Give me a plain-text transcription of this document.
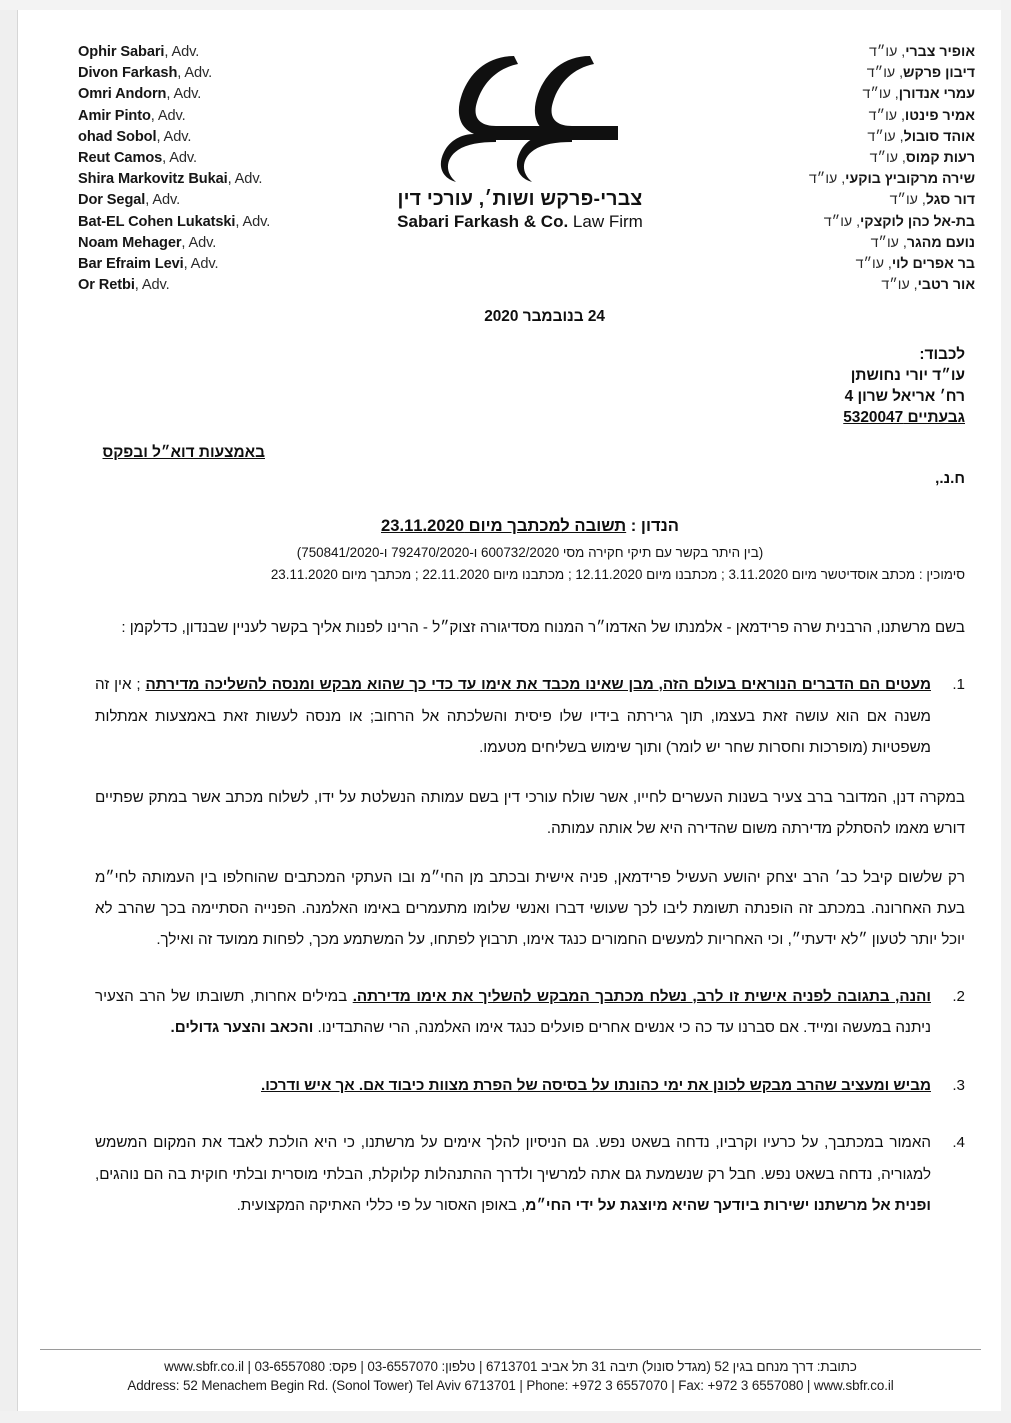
Ophir Sabari, Adv.
Divon Farkash, Adv.
Omri Andorn, Adv.
Amir Pinto, Adv.
ohad Sobol, Adv.
Reut Camos, Adv.
Shira Markovitz Bukai, Adv.
Dor Segal, Adv.
Bat-EL Cohen Lukatski, Adv.
Noam Mehager, Adv.
Bar Efraim Levi, Adv.
Or Retbi, Adv.
אופיר צברי, עו״ד
דיבון פרקש, עו״ד
עמרי אנדורן, עו״ד
אמיר פינטו, עו״ד
אוהד סובול, עו״ד
רעות קמוס, עו״ד
שירה מרקוביץ בוקעי, עו״ד
דור סגל, עו״ד
בת-אל כהן לוקצקי, עו״ד
נועם מהגר, עו״ד
בר אפרים לוי, עו״ד
אור רטבי, עו״ד
צברי-פרקש ושות׳, עורכי דין
Sabari Farkash & Co. Law Firm
24 בנובמבר 2020
לכבוד:
עו״ד יורי נחושתן
רח׳ אריאל שרון 4
גבעתיים 5320047
באמצעות דוא״ל ובפקס
ח.נ.,
הנדון : תשובה למכתבך מיום 23.11.2020
(בין היתר בקשר עם תיקי חקירה מסי 600732/2020 ו-792470/2020 ו-750841/2020)
סימוכין : מכתב אוסדיטשר מיום 3.11.2020 ; מכתבנו מיום 12.11.2020 ; מכתבנו מיום 22.11.2020 ; מכתבך מיום 23.11.2020
בשם מרשתנו, הרבנית שרה פרידמאן - אלמנתו של האדמו״ר המנוח מסדיגורה זצוק״ל - הרינו לפנות אליך בקשר לעניין שבנדון, כדלקמן :
מעטים הם הדברים הנוראים בעולם הזה, מבן שאינו מכבד את אימו עד כדי כך שהוא מבקש ומנסה להשליכה מדירתה ; אין זה משנה אם הוא עושה זאת בעצמו, תוך גרירתה בידיו שלו פיסית והשלכתה אל הרחוב; או מנסה לעשות זאת באמצעות אמתלות משפטיות (מופרכות וחסרות שחר יש לומר) ותוך שימוש בשליחים מטעמו.
במקרה דנן, המדובר ברב צעיר בשנות העשרים לחייו, אשר שולח עורכי דין בשם עמותה הנשלטת על ידו, לשלוח מכתב אשר במתק שפתיים דורש מאמו להסתלק מדירתה משום שהדירה היא של אותה עמותה.
רק שלשום קיבל כב׳ הרב יצחק יהושע העשיל פרידמאן, פניה אישית ובכתב מן החי״מ ובו העתקי המכתבים שהוחלפו בין העמותה לחי״מ בעת האחרונה. במכתב זה הופנתה תשומת ליבו לכך שעושי דברו ואנשי שלומו מתעמרים באימו האלמנה. הפנייה הסתיימה בכך שהרב לא יוכל יותר לטעון ״לא ידעתי״, וכי האחריות למעשים החמורים כנגד אימו, תרבוץ לפתחו, על המשתמע מכך, לפחות ממועד זה ואילך.
והנה, בתגובה לפניה אישית זו לרב, נשלח מכתבך המבקש להשליך את אימו מדירתה. במילים אחרות, תשובתו של הרב הצעיר ניתנה במעשה ומייד. אם סברנו עד כה כי אנשים אחרים פועלים כנגד אימו האלמנה, הרי שהתבדינו. והכאב והצער גדולים.
מביש ומעציב שהרב מבקש לכונן את ימי כהונתו על בסיסה של הפרת מצוות כיבוד אם. אך איש ודרכו.
האמור במכתבך, על כרעיו וקרביו, נדחה בשאט נפש. גם הניסיון להלך אימים על מרשתנו, כי היא הולכת לאבד את המקום המשמש למגוריה, נדחה בשאט נפש. חבל רק שנשמעת גם אתה למרשיך ולדרך ההתנהלות קלוקלת, הבלתי מוסרית ובלתי חוקית בה הם נוהגים, ופנית אל מרשתנו ישירות ביודעך שהיא מיוצגת על ידי החי״מ, באופן האסור על פי כללי האתיקה המקצועית.
כתובת: דרך מנחם בגין 52 (מגדל סונול) תיבה 31 תל אביב 6713701 | טלפון: 03-6557070 | פקס: 03-6557080 | www.sbfr.co.il
Address: 52 Menachem Begin Rd. (Sonol Tower) Tel Aviv 6713701 | Phone: +972 3 6557070 | Fax: +972 3 6557080 | www.sbfr.co.il
